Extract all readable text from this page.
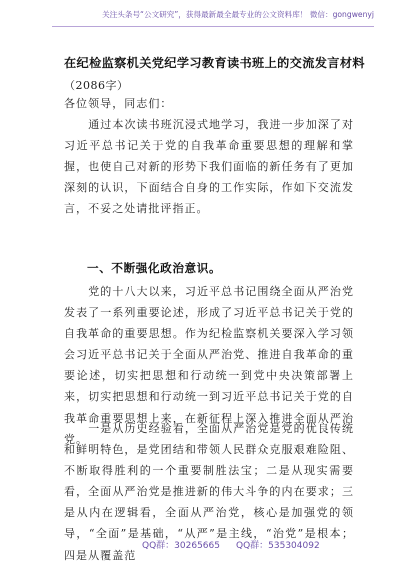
关注头条号“公文研究”，获得最新最全最专业的公文资料库！ 微信：gongwenyj
在纪检监察机关党纪学习教育读书班上的交流发言材料
（2086字）

各位领导，同志们：

通过本次读书班沉浸式地学习，我进一步加深了对习近平总书记关于党的自我革命重要思想的理解和掌握，也使自己对新的形势下我们面临的新任务有了更加深刻的认识，下面结合自身的工作实际，作如下交流发言，不妥之处请批评指正。

一、不断强化政治意识。

党的十八大以来，习近平总书记围绕全面从严治党发表了一系列重要论述，形成了习近平总书记关于党的自我革命的重要思想。作为纪检监察机关要深入学习领会习近平总书记关于全面从严治党、推进自我革命的重要论述，切实把思想和行动统一到党中央决策部署上来，切实把思想和行动统一到习近平总书记关于党的自我革命重要思想上来，在新征程上深入推进全面从严治党。

一是从历史经验看，全面从严治党是党的优良传统和鲜明特色，是党团结和带领人民群众克服艰难险阻、不断取得胜利的一个重要制胜法宝；二是从现实需要看，全面从严治党是推进新的伟大斗争的内在要求；三是从内在逻辑看，全面从严治党，核心是加强党的领导，“全面”是基础，“从严”是主线，“治党”是根本；四是从覆盖范

QQ群：30265665 QQ群：535304092
